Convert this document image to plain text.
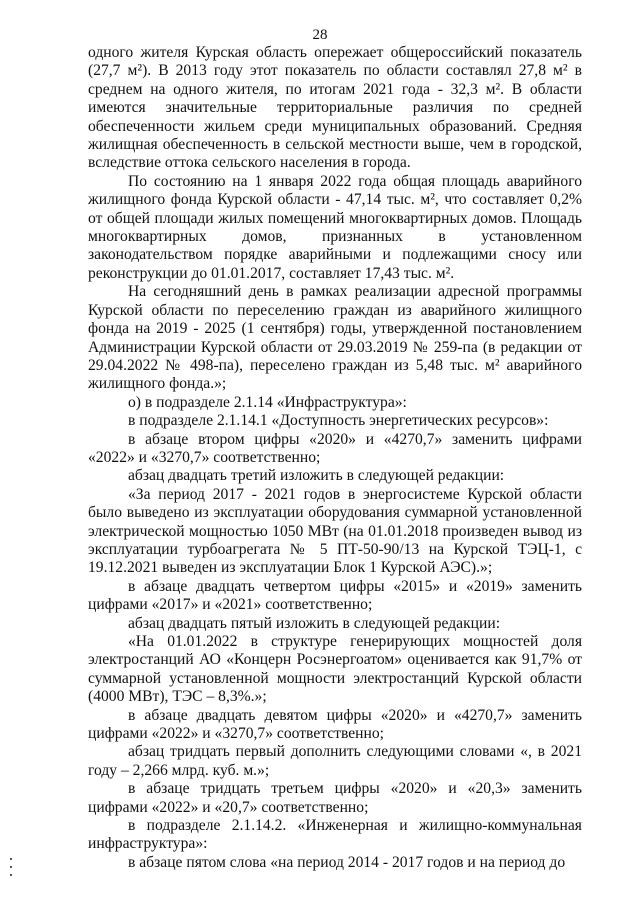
28

одного жителя Курская область опережает общероссийский показатель (27,7 м²). В 2013 году этот показатель по области составлял 27,8 м² в среднем на одного жителя, по итогам 2021 года - 32,3 м². В области имеются значительные территориальные различия по средней обеспеченности жильем среди муниципальных образований. Средняя жилищная обеспеченность в сельской местности выше, чем в городской, вследствие оттока сельского населения в города.

По состоянию на 1 января 2022 года общая площадь аварийного жилищного фонда Курской области - 47,14 тыс. м², что составляет 0,2% от общей площади жилых помещений многоквартирных домов. Площадь многоквартирных домов, признанных в установленном законодательством порядке аварийными и подлежащими сносу или реконструкции до 01.01.2017, составляет 17,43 тыс. м².

На сегодняшний день в рамках реализации адресной программы Курской области по переселению граждан из аварийного жилищного фонда на 2019 - 2025 (1 сентября) годы, утвержденной постановлением Администрации Курской области от 29.03.2019 № 259-па (в редакции от 29.04.2022 № 498-па), переселено граждан из 5,48 тыс. м² аварийного жилищного фонда.»;

о) в подразделе 2.1.14 «Инфраструктура»:

в подразделе 2.1.14.1 «Доступность энергетических ресурсов»:

в абзаце втором цифры «2020» и «4270,7» заменить цифрами «2022» и «3270,7» соответственно;

абзац двадцать третий изложить в следующей редакции:

«За период 2017 - 2021 годов в энергосистеме Курской области было выведено из эксплуатации оборудования суммарной установленной электрической мощностью 1050 МВт (на 01.01.2018 произведен вывод из эксплуатации турбоагрегата № 5 ПТ-50-90/13 на Курской ТЭЦ-1, с 19.12.2021 выведен из эксплуатации Блок 1 Курской АЭС).»;

в абзаце двадцать четвертом цифры «2015» и «2019» заменить цифрами «2017» и «2021» соответственно;

абзац двадцать пятый изложить в следующей редакции:

«На 01.01.2022 в структуре генерирующих мощностей доля электростанций АО «Концерн Росэнергоатом» оценивается как 91,7% от суммарной установленной мощности электростанций Курской области (4000 МВт), ТЭС – 8,3%.»;

в абзаце двадцать девятом цифры «2020» и «4270,7» заменить цифрами «2022» и «3270,7» соответственно;

абзац тридцать первый дополнить следующими словами «, в 2021 году – 2,266 млрд. куб. м.»;

в абзаце тридцать третьем цифры «2020» и «20,3» заменить цифрами «2022» и «20,7» соответственно;

в подразделе 2.1.14.2. «Инженерная и жилищно-коммунальная инфраструктура»:

в абзаце пятом слова «на период 2014 - 2017 годов и на период до
